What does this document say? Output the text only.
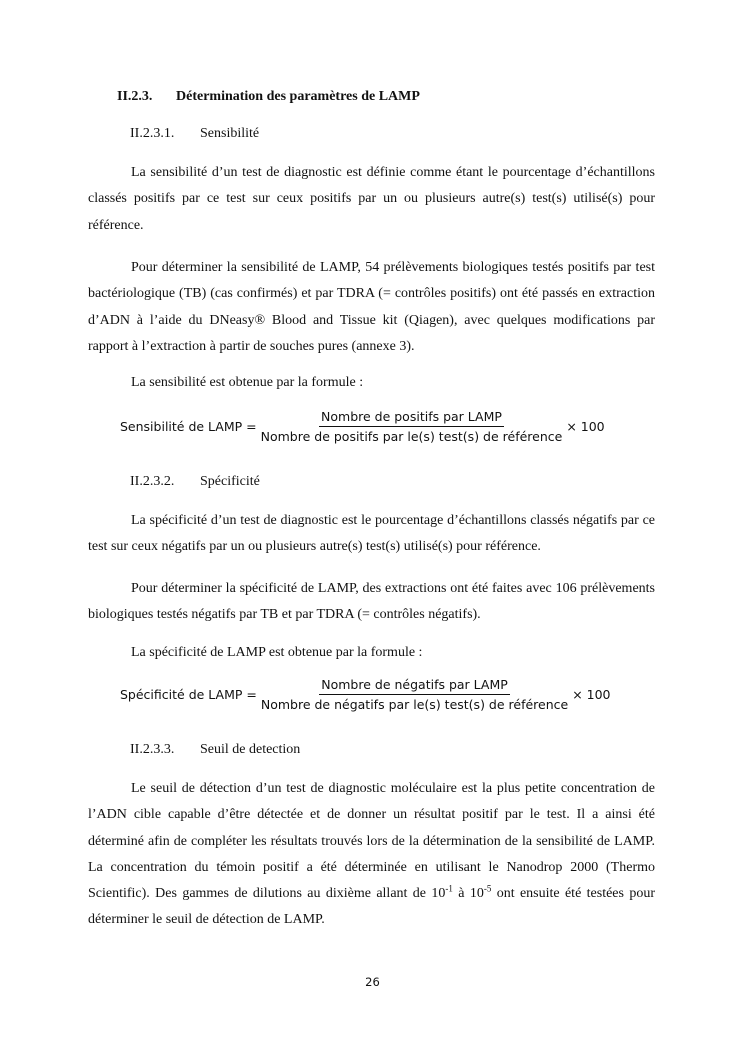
II.2.3. Détermination des paramètres de LAMP
II.2.3.1. Sensibilité

La sensibilité d’un test de diagnostic est définie comme étant le pourcentage d’échantillons classés positifs par ce test sur ceux positifs par un ou plusieurs autre(s) test(s) utilisé(s) pour référence.

Pour déterminer la sensibilité de LAMP, 54 prélèvements biologiques testés positifs par test bactériologique (TB) (cas confirmés) et par TDRA (= contrôles positifs) ont été passés en extraction d’ADN à l’aide du DNeasy® Blood and Tissue kit (Qiagen), avec quelques modifications par rapport à l’extraction à partir de souches pures (annexe 3).

La sensibilité est obtenue par la formule :

Sensibilité de LAMP = $\frac{\text{Nombre de positifs par LAMP}}{\text{Nombre de positifs par le(s) test(s) de référence}} \times 100$
II.2.3.2. Spécificité

La spécificité d’un test de diagnostic est le pourcentage d’échantillons classés négatifs par ce test sur ceux négatifs par un ou plusieurs autre(s) test(s) utilisé(s) pour référence.

Pour déterminer la spécificité de LAMP, des extractions ont été faites avec 106 prélèvements biologiques testés négatifs par TB et par TDRA (= contrôles négatifs).

La spécificité de LAMP est obtenue par la formule :

Spécificité de LAMP = $\frac{\text{Nombre de négatifs par LAMP}}{\text{Nombre de négatifs par le(s) test(s) de référence}} \times 100$
II.2.3.3. Seuil de detection

Le seuil de détection d’un test de diagnostic moléculaire est la plus petite concentration de l’ADN cible capable d’être détectée et de donner un résultat positif par le test. Il a ainsi été déterminé afin de compléter les résultats trouvés lors de la détermination de la sensibilité de LAMP. La concentration du témoin positif a été déterminée en utilisant le Nanodrop 2000 (Thermo Scientific). Des gammes de dilutions au dixième allant de $10^{-1}$ à $10^{-5}$ ont ensuite été testées pour déterminer le seuil de détection de LAMP.

26
